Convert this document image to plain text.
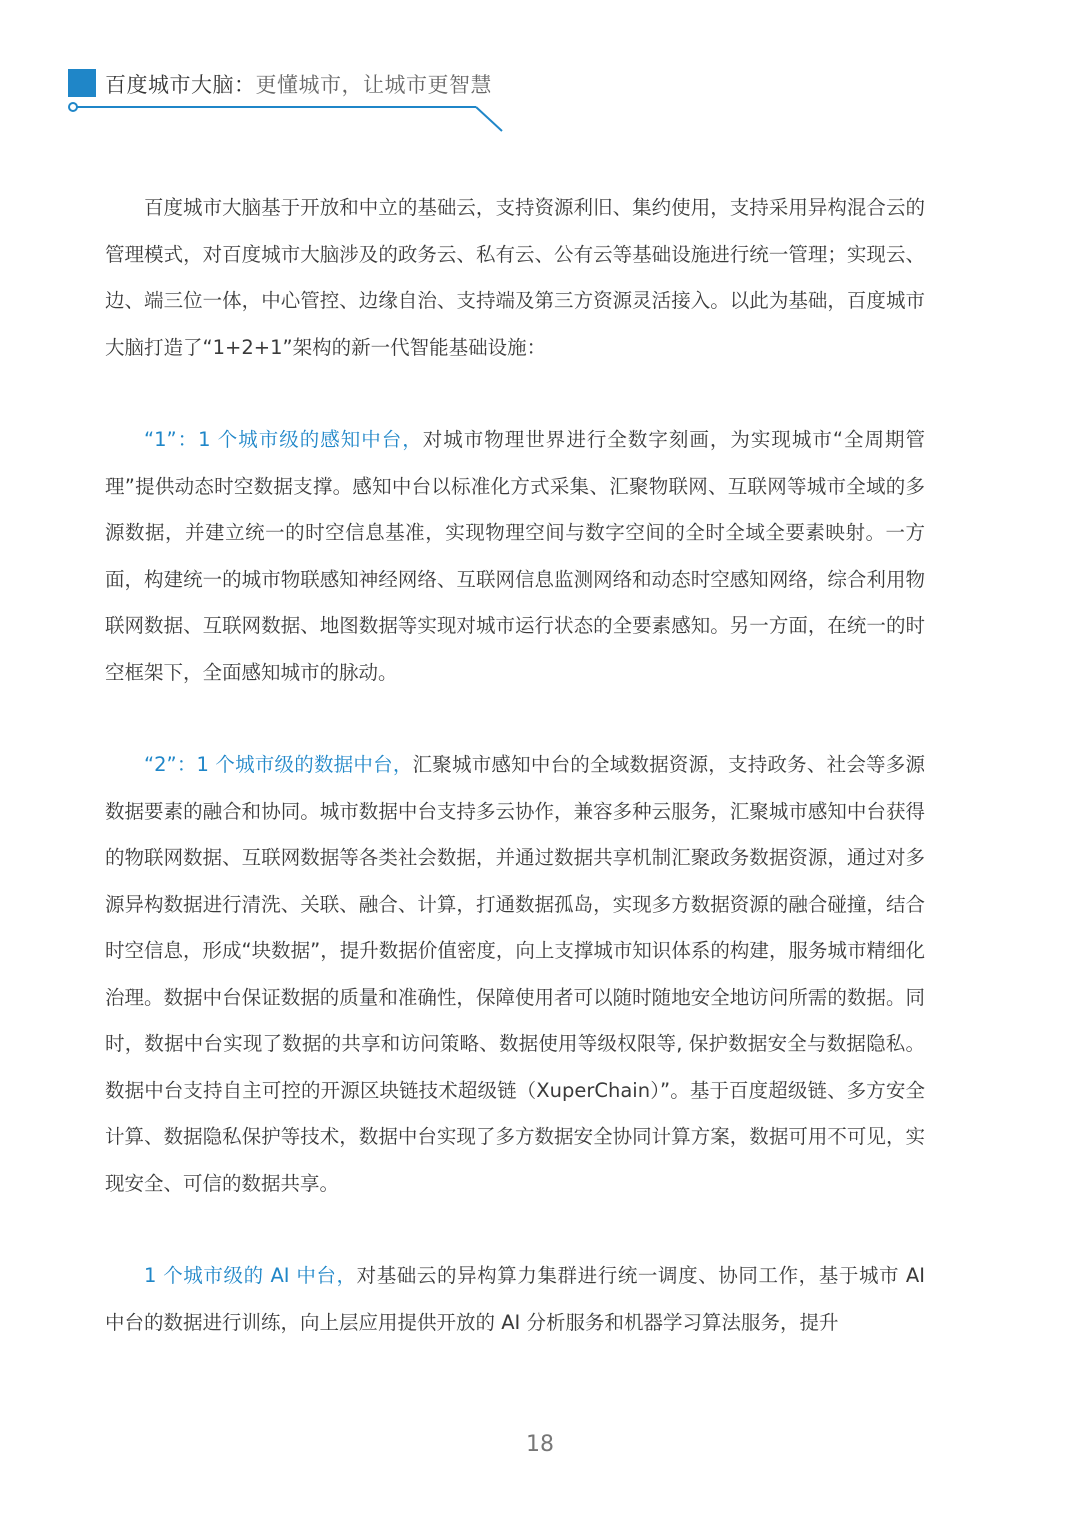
百度城市大脑：更懂城市，让城市更智慧

百度城市大脑基于开放和中立的基础云，支持资源利旧、集约使用，支持采用异构混合云的管理模式，对百度城市大脑涉及的政务云、私有云、公有云等基础设施进行统一管理；实现云、边、端三位一体，中心管控、边缘自治、支持端及第三方资源灵活接入。以此为基础，百度城市大脑打造了“1+2+1”架构的新一代智能基础设施：

“1”：1 个城市级的感知中台，对城市物理世界进行全数字刻画，为实现城市“全周期管理”提供动态时空数据支撑。感知中台以标准化方式采集、汇聚物联网、互联网等城市全域的多源数据，并建立统一的时空信息基准，实现物理空间与数字空间的全时全域全要素映射。一方面，构建统一的城市物联感知神经网络、互联网信息监测网络和动态时空感知网络，综合利用物联网数据、互联网数据、地图数据等实现对城市运行状态的全要素感知。另一方面，在统一的时空框架下，全面感知城市的脉动。

“2”：1 个城市级的数据中台，汇聚城市感知中台的全域数据资源，支持政务、社会等多源数据要素的融合和协同。城市数据中台支持多云协作，兼容多种云服务，汇聚城市感知中台获得的物联网数据、互联网数据等各类社会数据，并通过数据共享机制汇聚政务数据资源，通过对多源异构数据进行清洗、关联、融合、计算，打通数据孤岛，实现多方数据资源的融合碰撞，结合时空信息，形成“块数据”，提升数据价值密度，向上支撑城市知识体系的构建，服务城市精细化治理。数据中台保证数据的质量和准确性，保障使用者可以随时随地安全地访问所需的数据。同时，数据中台实现了数据的共享和访问策略、数据使用等级权限等, 保护数据安全与数据隐私。数据中台支持自主可控的开源区块链技术超级链（XuperChain）”。基于百度超级链、多方安全计算、数据隐私保护等技术，数据中台实现了多方数据安全协同计算方案，数据可用不可见，实现安全、可信的数据共享。

1 个城市级的 AI 中台，对基础云的异构算力集群进行统一调度、协同工作，基于城市 AI 中台的数据进行训练，向上层应用提供开放的 AI 分析服务和机器学习算法服务，提升

18
